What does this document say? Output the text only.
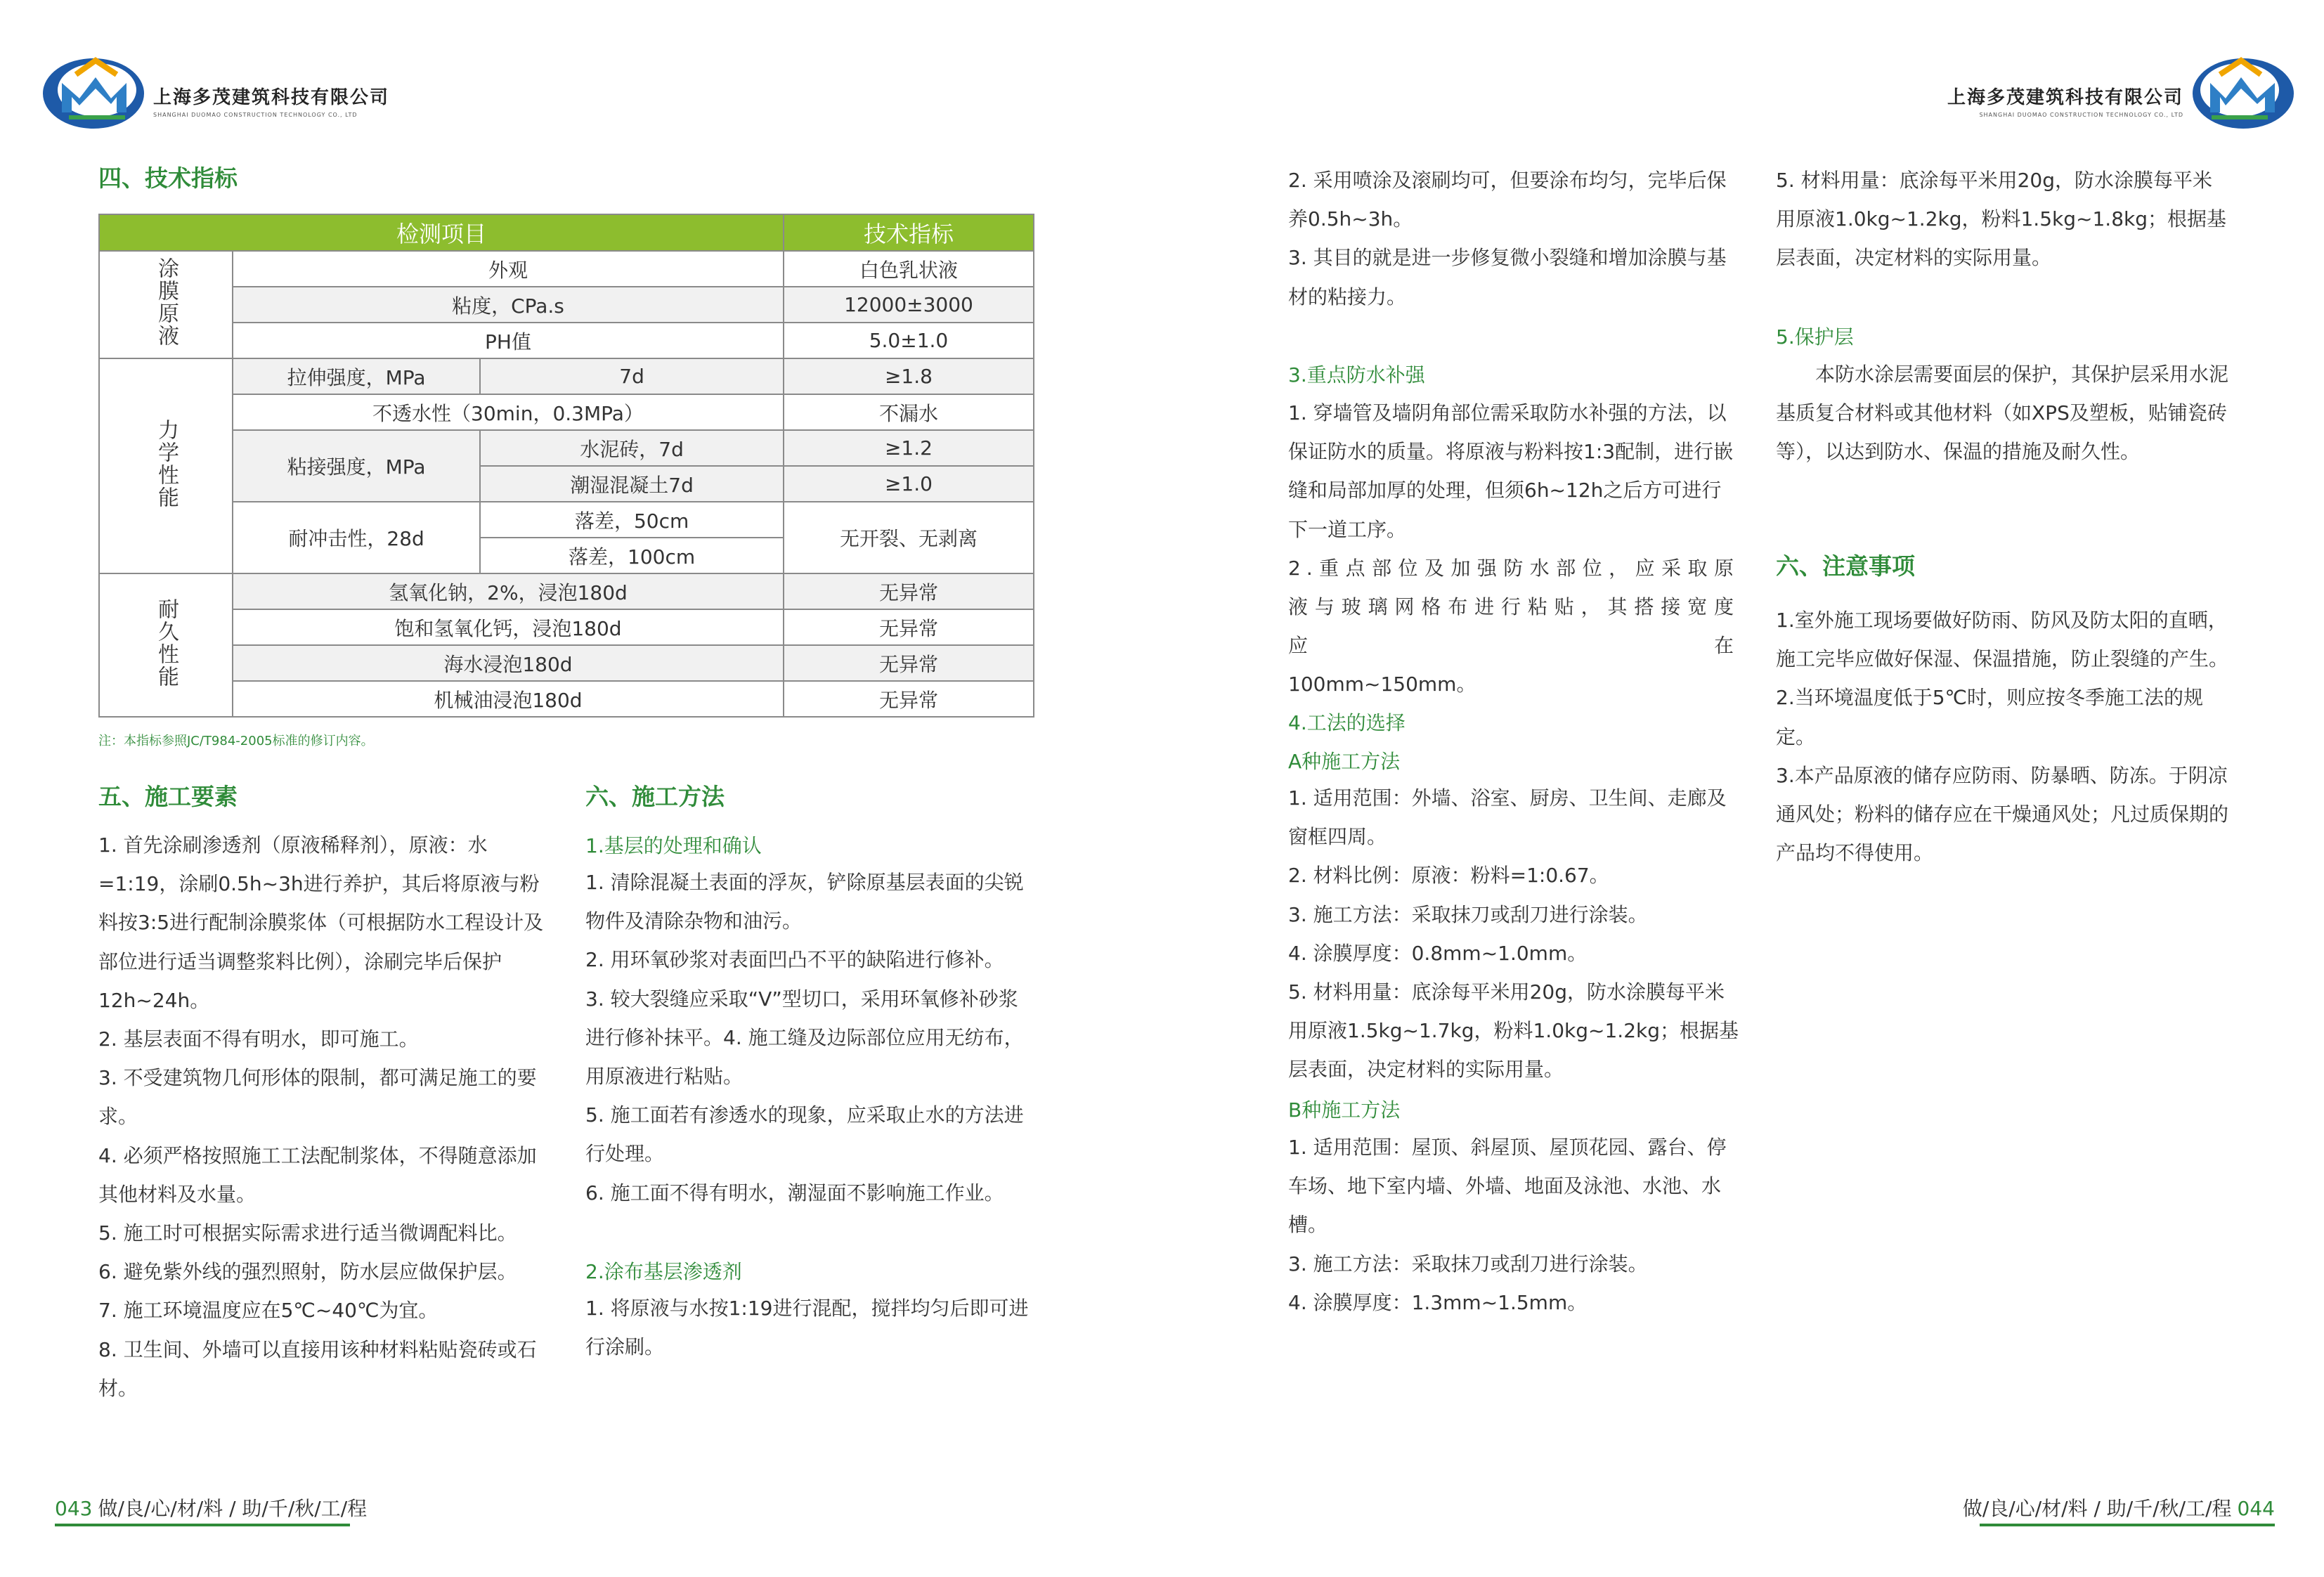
上海多茂建筑科技有限公司
SHANGHAI DUOMAO CONSTRUCTION TECHNOLOGY CO., LTD
上海多茂建筑科技有限公司
SHANGHAI DUOMAO CONSTRUCTION TECHNOLOGY CO., LTD
四、技术指标
检测项目			技术指标
涂膜原液	外观		白色乳状液
	粘度，CPa.s		12000±3000
	PH值		5.0±1.0
力学性能	拉伸强度，MPa	7d	≥1.8
	不透水性（30min，0.3MPa）		不漏水
	粘接强度，MPa	水泥砖，7d	≥1.2
		潮湿混凝土7d	≥1.0
	耐冲击性，28d	落差，50cm	无开裂、无剥离
		落差，100cm	
耐久性能	氢氧化钠，2%，浸泡180d		无异常
	饱和氢氧化钙，浸泡180d		无异常
	海水浸泡180d		无异常
	机械油浸泡180d		无异常
注：本指标参照JC/T984-2005标准的修订内容。
五、施工要素

1. 首先涂刷渗透剂（原液稀释剂），原液：水=1:19，涂刷0.5h~3h进行养护，其后将原液与粉料按3:5进行配制涂膜浆体（可根据防水工程设计及部位进行适当调整浆料比例），涂刷完毕后保护12h~24h。

2. 基层表面不得有明水，即可施工。

3. 不受建筑物几何形体的限制，都可满足施工的要求。

4. 必须严格按照施工工法配制浆体，不得随意添加其他材料及水量。

5. 施工时可根据实际需求进行适当微调配料比。

6. 避免紫外线的强烈照射，防水层应做保护层。

7. 施工环境温度应在5℃~40℃为宜。

8. 卫生间、外墙可以直接用该种材料粘贴瓷砖或石材。

六、施工方法
1.基层的处理和确认

1. 清除混凝土表面的浮灰，铲除原基层表面的尖锐物件及清除杂物和油污。

2. 用环氧砂浆对表面凹凸不平的缺陷进行修补。

3. 较大裂缝应采取“V”型切口，采用环氧修补砂浆进行修补抹平。4. 施工缝及边际部位应用无纺布，用原液进行粘贴。

5. 施工面若有渗透水的现象，应采取止水的方法进行处理。

6. 施工面不得有明水，潮湿面不影响施工作业。

2.涂布基层渗透剂

1. 将原液与水按1:19进行混配，搅拌均匀后即可进行涂刷。

2. 采用喷涂及滚刷均可，但要涂布均匀，完毕后保养0.5h~3h。

3. 其目的就是进一步修复微小裂缝和增加涂膜与基材的粘接力。

3.重点防水补强

1. 穿墙管及墙阴角部位需采取防水补强的方法，以保证防水的质量。将原液与粉料按1:3配制，进行嵌缝和局部加厚的处理，但须6h~12h之后方可进行下一道工序。

2.重点部位及加强防水部位，应采取原液与玻璃网格布进行粘贴，其搭接宽度应在

100mm~150mm。

4.工法的选择
A种施工方法

1. 适用范围：外墙、浴室、厨房、卫生间、走廊及窗框四周。

2. 材料比例：原液：粉料=1:0.67。

3. 施工方法：采取抹刀或刮刀进行涂装。

4. 涂膜厚度：0.8mm~1.0mm。

5. 材料用量：底涂每平米用20g，防水涂膜每平米用原液1.5kg~1.7kg，粉料1.0kg~1.2kg；根据基层表面，决定材料的实际用量。

B种施工方法

1. 适用范围：屋顶、斜屋顶、屋顶花园、露台、停车场、地下室内墙、外墙、地面及泳池、水池、水槽。

3. 施工方法：采取抹刀或刮刀进行涂装。

4. 涂膜厚度：1.3mm~1.5mm。

5. 材料用量：底涂每平米用20g，防水涂膜每平米用原液1.0kg~1.2kg，粉料1.5kg~1.8kg；根据基层表面，决定材料的实际用量。

5.保护层

本防水涂层需要面层的保护，其保护层采用水泥基质复合材料或其他材料（如XPS及塑板，贴铺瓷砖等），以达到防水、保温的措施及耐久性。

六、注意事项

1.室外施工现场要做好防雨、防风及防太阳的直晒，施工完毕应做好保湿、保温措施，防止裂缝的产生。

2.当环境温度低于5℃时，则应按冬季施工法的规定。

3.本产品原液的储存应防雨、防暴晒、防冻。于阴凉通风处；粉料的储存应在干燥通风处；凡过质保期的产品均不得使用。

043 做/良/心/材/料 / 助/千/秋/工/程	做/良/心/材/料 / 助/千/秋/工/程 044
